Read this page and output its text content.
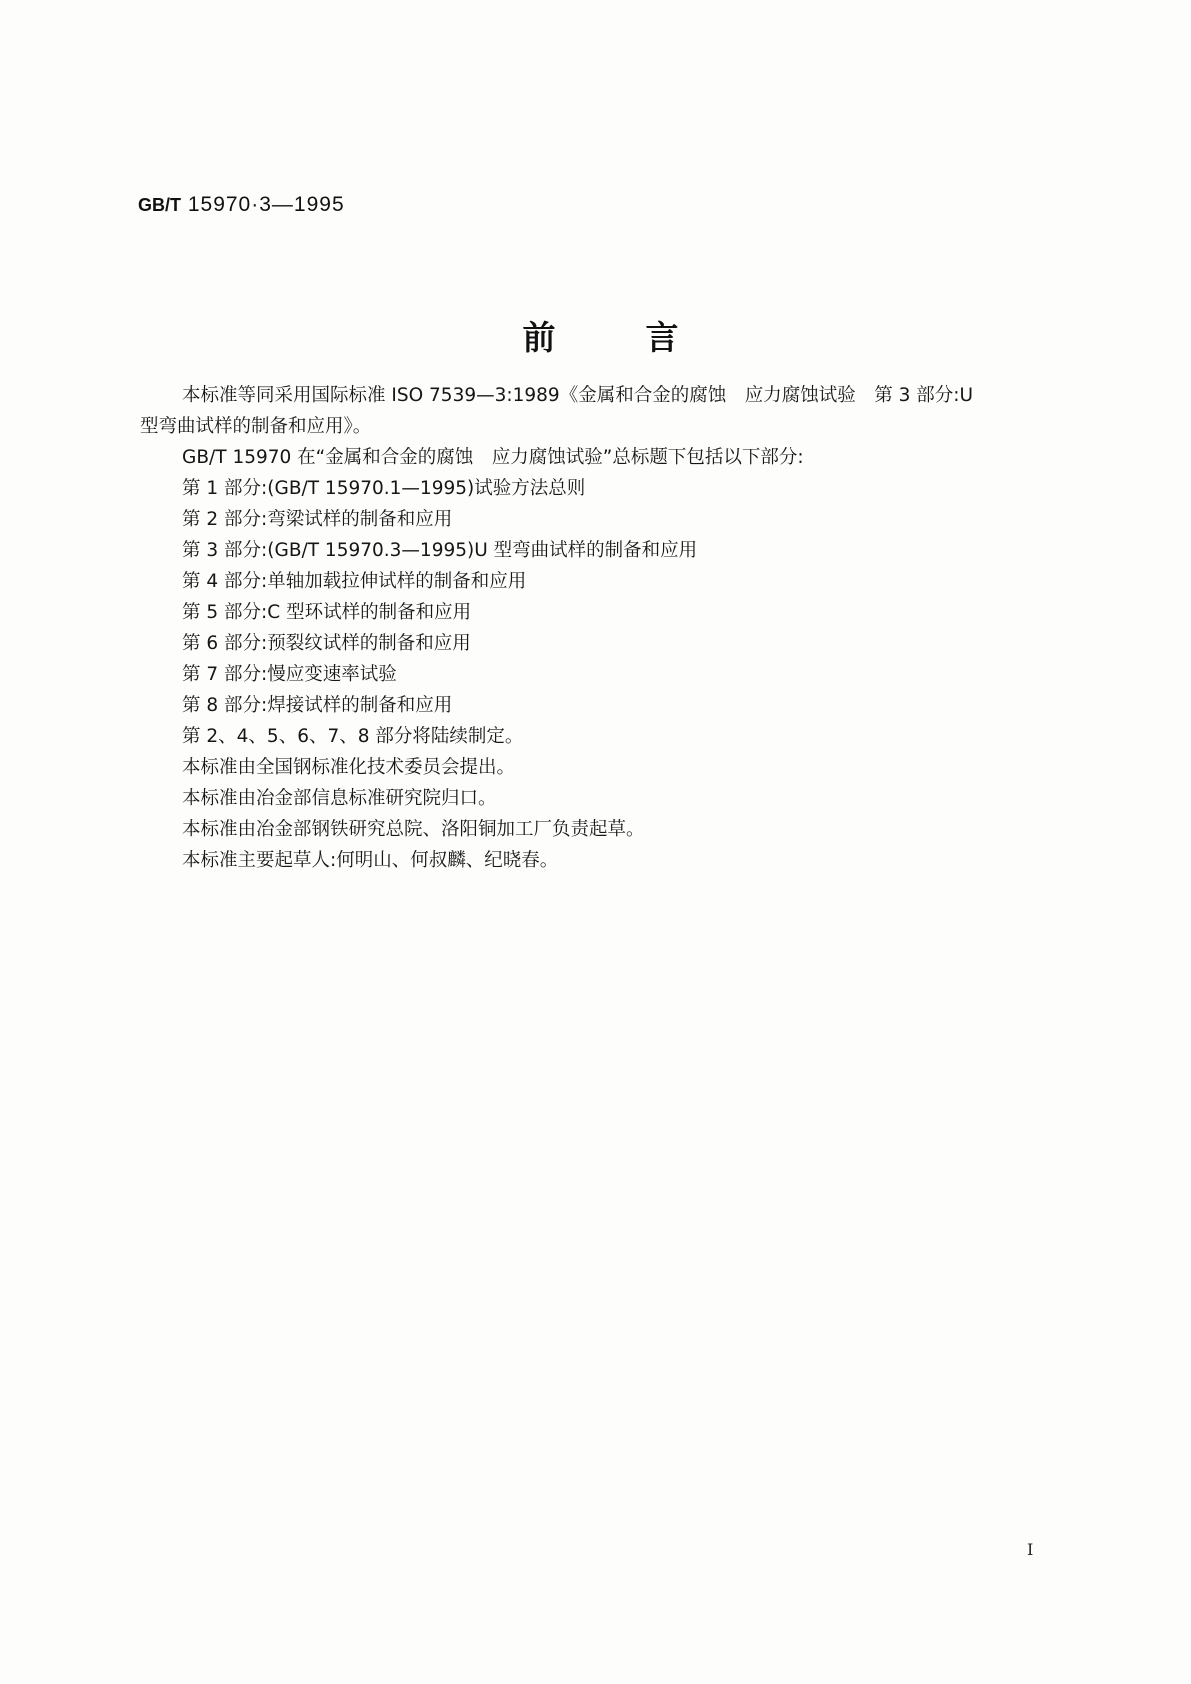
GB/T 15970·3—1995
前	言

本标准等同采用国际标准 ISO 7539—3:1989《金属和合金的腐蚀　应力腐蚀试验　第 3 部分:U
型弯曲试样的制备和应用》。

GB/T 15970 在“金属和合金的腐蚀　应力腐蚀试验”总标题下包括以下部分:

第 1 部分:(GB/T 15970.1—1995)试验方法总则

第 2 部分:弯梁试样的制备和应用

第 3 部分:(GB/T 15970.3—1995)U 型弯曲试样的制备和应用

第 4 部分:单轴加载拉伸试样的制备和应用

第 5 部分:C 型环试样的制备和应用

第 6 部分:预裂纹试样的制备和应用

第 7 部分:慢应变速率试验

第 8 部分:焊接试样的制备和应用

第 2、4、5、6、7、8 部分将陆续制定。

本标准由全国钢标准化技术委员会提出。

本标准由冶金部信息标准研究院归口。

本标准由冶金部钢铁研究总院、洛阳铜加工厂负责起草。

本标准主要起草人:何明山、何叔麟、纪晓春。

I
